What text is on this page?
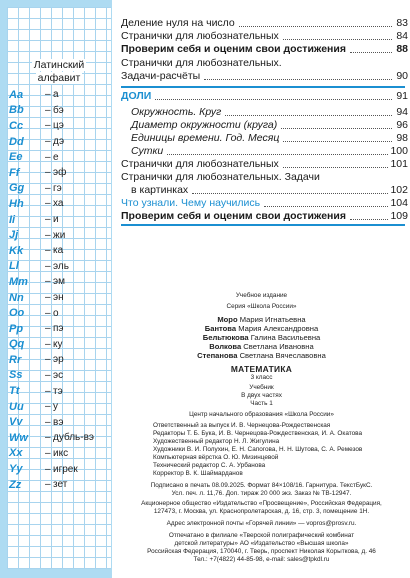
Латинский
алфавит
Aa	– а
Bb	– бэ
Cc	– цэ
Dd	– дэ
Ee	– е
Ff	– эф
Gg	– гэ
Hh	– ха
Ii	– и
Jj	– жи
Kk	– ка
Ll	– эль
Mm	– эм
Nn	– эн
Oo	– о
Pp	– пэ
Qq	– ку
Rr	– эр
Ss	– эс
Tt	– тэ
Uu	– у
Vv	– вэ
Ww	– дубль-вэ
Xx	– икс
Yy	– игрек
Zz	– зет
Деление нуля на число	83
Странички для любознательных	84
Проверим себя и оценим свои достижения	88
Странички для любознательных.
Задачи-расчёты	90
ДОЛИ	91
Окружность. Круг	94
Диаметр окружности (круга)	96
Единицы времени. Год. Месяц	98
Сутки	100
Странички для любознательных	101
Странички для любознательных. Задачи
в картинках	102
Что узнали. Чему научились	104
Проверим себя и оценим свои достижения	109
Учебное издание
Серия «Школа России»
Моро Мария Игнатьевна
Бантова Мария Александровна
Бельтюкова Галина Васильевна
Волкова Светлана Ивановна
Степанова Светлана Вячеславовна
МАТЕМАТИКА
3 класс
Учебник
В двух частях
Часть 1
Центр начального образования «Школа России»
Ответственный за выпуск И. В. Чернецова-Рождественская
Редакторы Т. Б. Бука, И. В. Чернецова-Рождественская, И. А. Окатова
Художественный редактор Н. Л. Жигулина
Художники В. И. Полухин, Е. Н. Сапогова, Н. Н. Шутова, С. А. Ремезов
Компьютерная вёрстка О. Ю. Мизинцевой
Технический редактор С. А. Урбанова
Корректор В. К. Шаймарданов
Подписано в печать 08.09.2025. Формат 84×108/16. Гарнитура. ТекстБукС.
Усл. печ. л. 11,76. Доп. тираж 20 000 экз. Заказ № ТВ-12947.
Акционерное общество «Издательство «Просвещение», Российская Федерация,
127473, г. Москва, ул. Краснопролетарская, д. 16, стр. 3, помещение 1Н.
Адрес электронной почты «Горячей линии» — vopros@prosv.ru.
Отпечатано в филиале «Тверской полиграфический комбинат
детской литературы» АО «Издательство «Высшая школа»
Российская Федерация, 170040, г. Тверь, проспект Николая Корыткова, д. 46
Тел.: +7(4822) 44-85-98, e-mail: sales@tpkdl.ru
